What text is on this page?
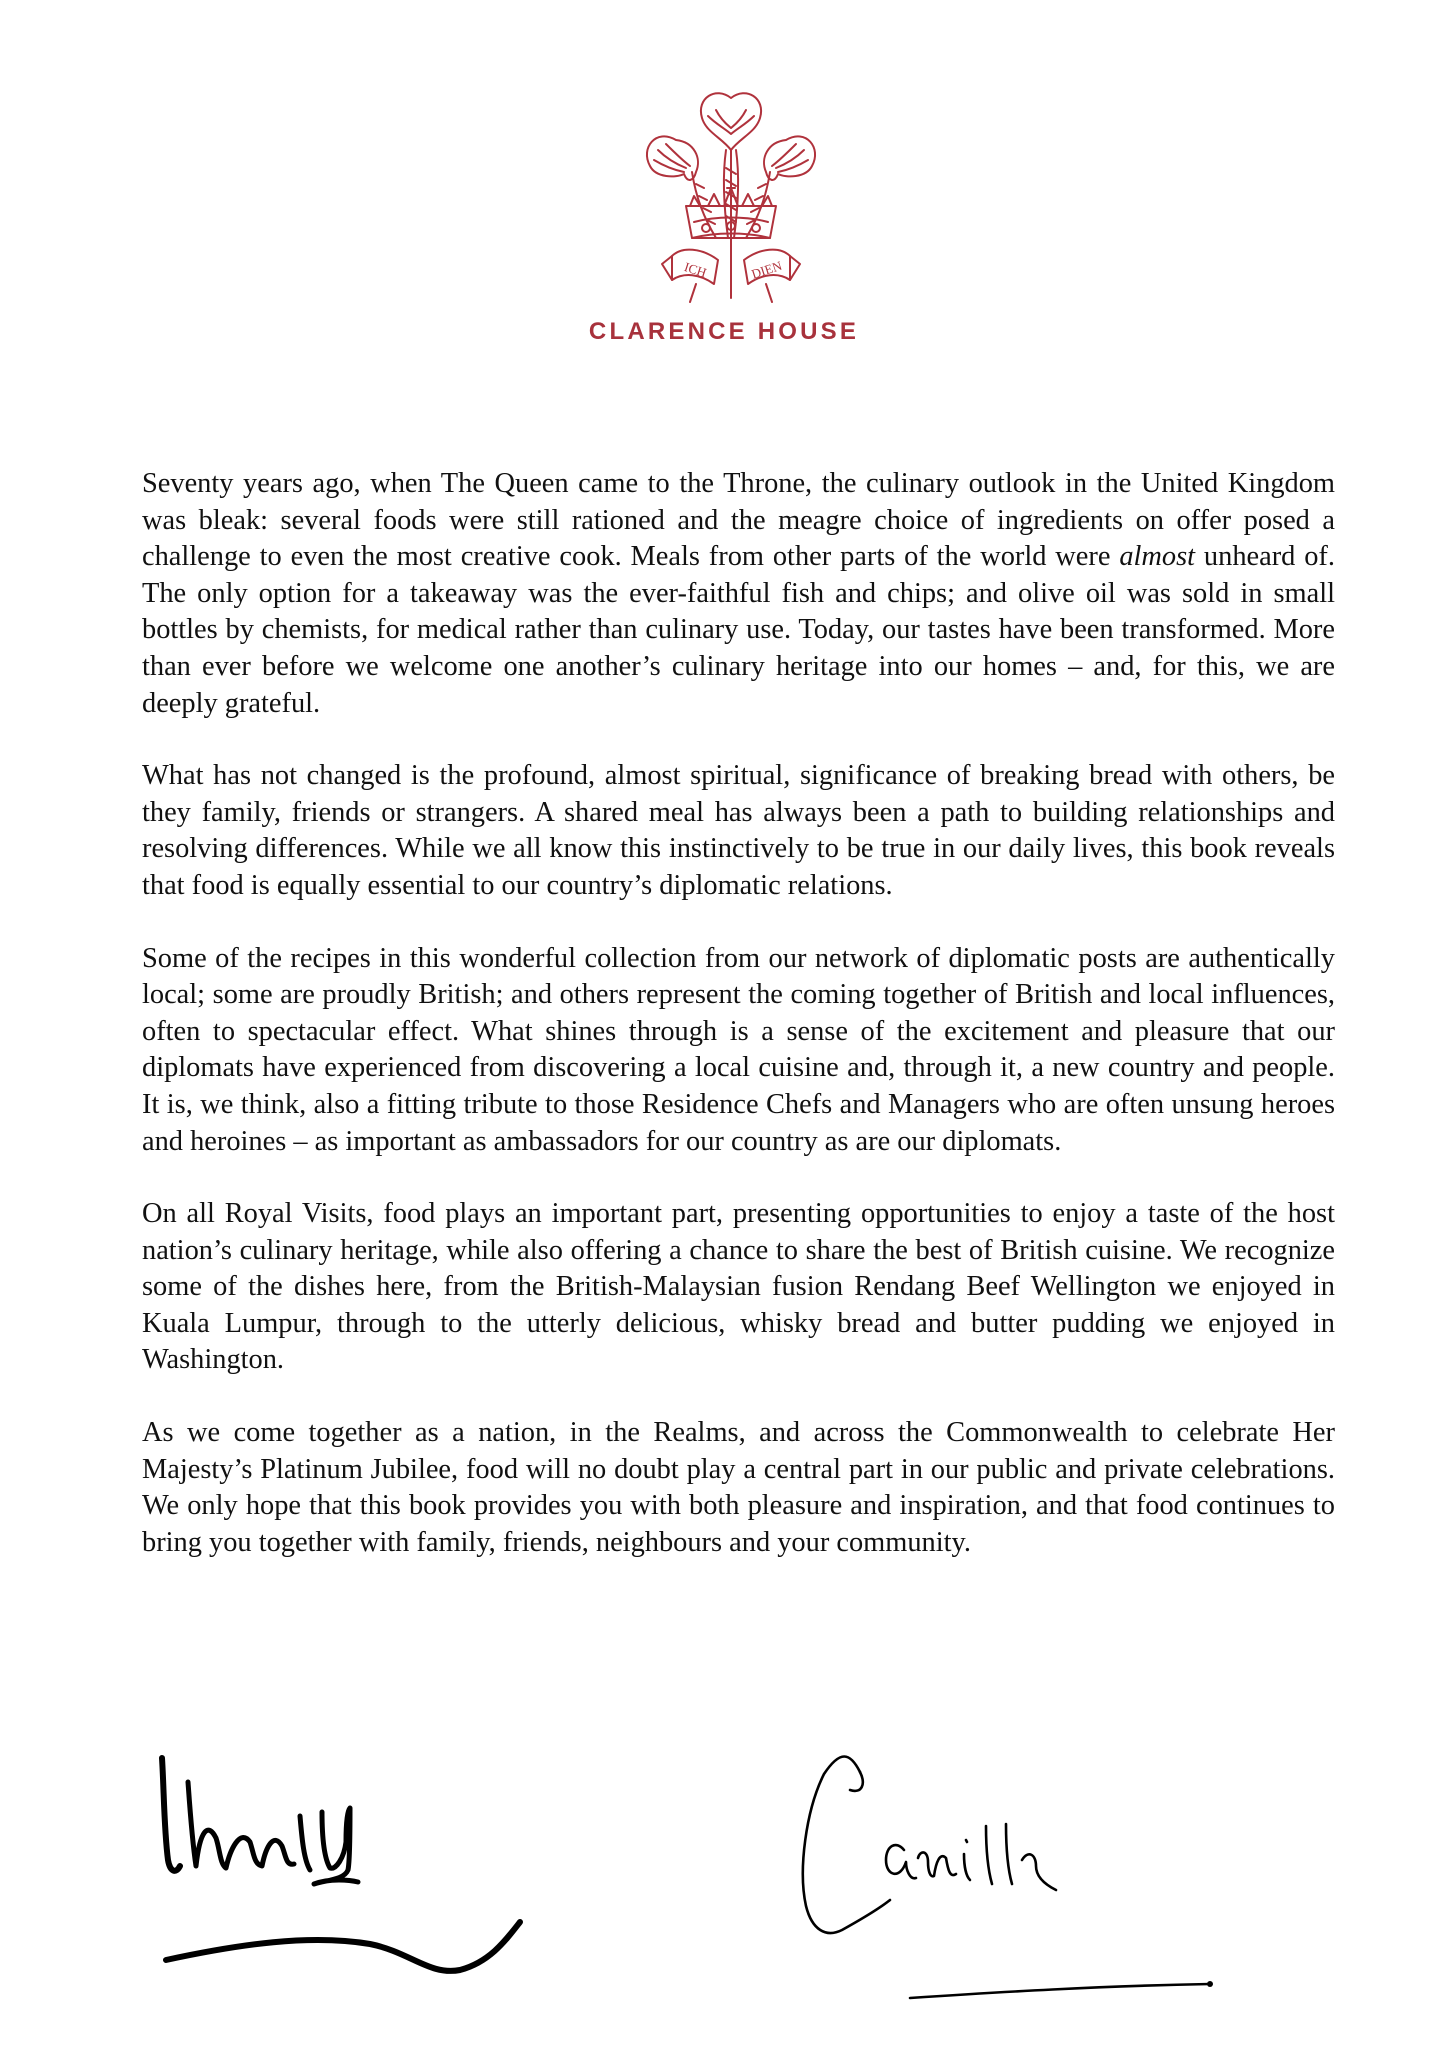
ICH	DIEN
CLARENCE HOUSE

Seventy years ago, when The Queen came to the Throne, the culinary outlook in the United Kingdom was bleak: several foods were still rationed and the meagre choice of ingredients on offer posed a challenge to even the most creative cook. Meals from other parts of the world were almost unheard of. The only option for a takeaway was the ever-faithful fish and chips; and olive oil was sold in small bottles by chemists, for medical rather than culinary use. Today, our tastes have been transformed. More than ever before we welcome one another’s culinary heritage into our homes – and, for this, we are deeply grateful.

What has not changed is the profound, almost spiritual, significance of breaking bread with others, be they family, friends or strangers. A shared meal has always been a path to building relationships and resolving differences. While we all know this instinctively to be true in our daily lives, this book reveals that food is equally essential to our country’s diplomatic relations.

Some of the recipes in this wonderful collection from our network of diplomatic posts are authentically local; some are proudly British; and others represent the coming together of British and local influences, often to spectacular effect. What shines through is a sense of the excitement and pleasure that our diplomats have experienced from discovering a local cuisine and, through it, a new country and people. It is, we think, also a fitting tribute to those Residence Chefs and Managers who are often unsung heroes and heroines – as important as ambassadors for our country as are our diplomats.

On all Royal Visits, food plays an important part, presenting opportunities to enjoy a taste of the host nation’s culinary heritage, while also offering a chance to share the best of British cuisine. We recognize some of the dishes here, from the British-Malaysian fusion Rendang Beef Wellington we enjoyed in Kuala Lumpur, through to the utterly delicious, whisky bread and butter pudding we enjoyed in Washington.

As we come together as a nation, in the Realms, and across the Commonwealth to celebrate Her Majesty’s Platinum Jubilee, food will no doubt play a central part in our public and private celebrations. We only hope that this book provides you with both pleasure and inspiration, and that food continues to bring you together with family, friends, neighbours and your community.
